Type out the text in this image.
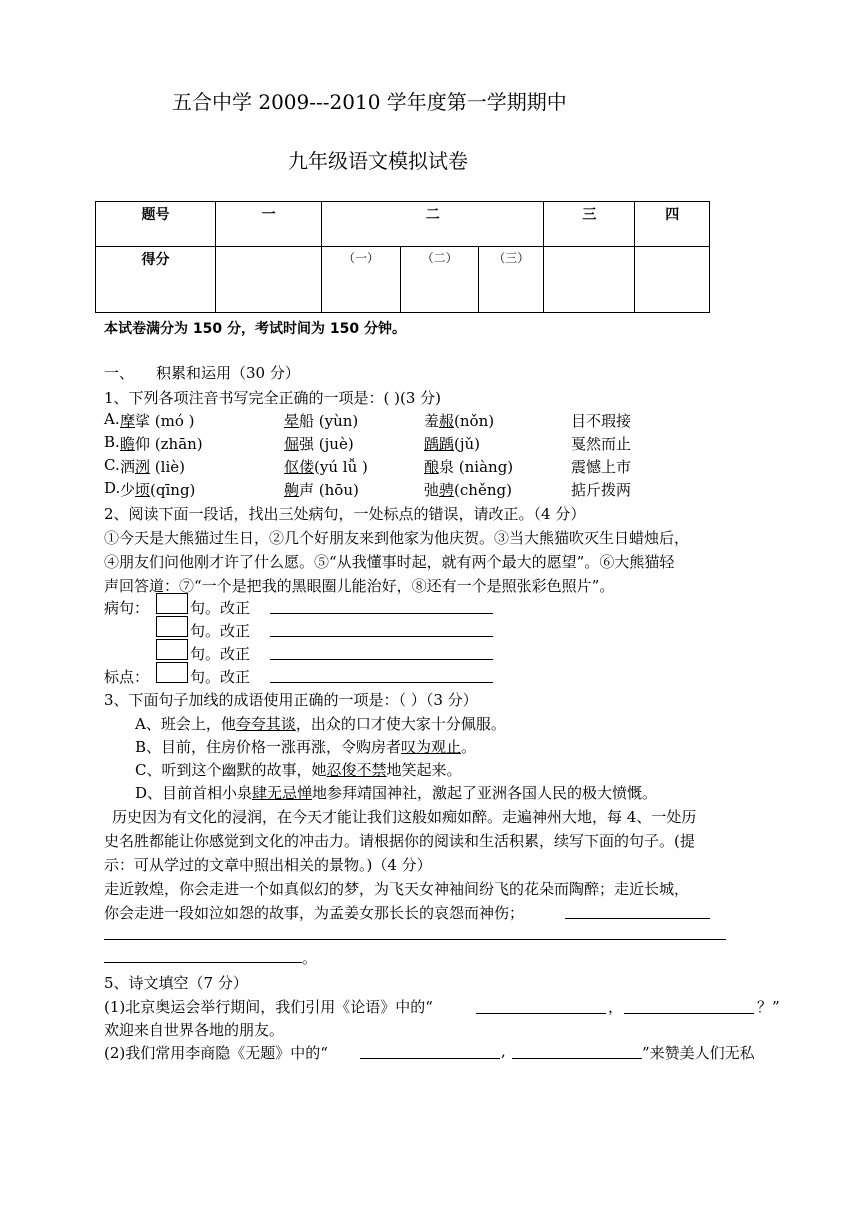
五合中学 2009---2010 学年度第一学期期中
九年级语文模拟试卷
题号	一	二			三	四
得分		（一）	（二）	（三）		
本试卷满分为 150 分，考试时间为 150 分钟。
一、 积累和运用（30 分）
1、下列各项注音书写完全正确的一项是：( )(3 分)
A. 摩挲 (mó )	晕船 (yùn)	羞赧(nǒn)	目不瑕接
B. 瞻仰 (zhān)	倔强 (juè)	踽踽(jǔ)	戛然而止
C. 洒洌 (liè)	伛偻(yú lǚ )	酿泉 (niàng)	震憾上市
D. 少顷(qīng)	齁声 (hōu)	弛骋(chěng)	掂斤拨两
2、阅读下面一段话，找出三处病句，一处标点的错误，请改正。（4 分）
①今天是大熊猫过生日，②几个好朋友来到他家为他庆贺。③当大熊猫吹灭生日蜡烛后，
④朋友们问他刚才许了什么愿。⑤“从我懂事时起，就有两个最大的愿望”。⑥大熊猫轻
声回答道：⑦“一个是把我的黑眼圈儿能治好，⑧还有一个是照张彩色照片”。
病句：	句。改正
句。改正
句。改正
标点：	句。改正
3、下面句子加线的成语使用正确的一项是：（ ）（3 分）
A、班会上，他夸夸其谈，出众的口才使大家十分佩服。
B、目前，住房价格一涨再涨，令购房者叹为观止。
C、听到这个幽默的故事，她忍俊不禁地笑起来。
D、目前首相小泉肆无忌惮地参拜靖国神社，激起了亚洲各国人民的极大愤慨。
历史因为有文化的浸润，在今天才能让我们这般如痴如醉。走遍神州大地，每 4、一处历
史名胜都能让你感觉到文化的冲击力。请根据你的阅读和生活积累，续写下面的句子。(提
示：可从学过的文章中照出相关的景物。)（4 分）
走近敦煌，你会走进一个如真似幻的梦，为飞天女神袖间纷飞的花朵而陶醉；走近长城，
你会走进一段如泣如怨的故事，为孟姜女那长长的哀怨而神伤；
。
5、诗文填空（7 分）
(1)北京奥运会举行期间，我们引用《论语》中的“	，	？”
欢迎来自世界各地的朋友。
(2)我们常用李商隐《无题》中的“	,	”来赞美人们无私
